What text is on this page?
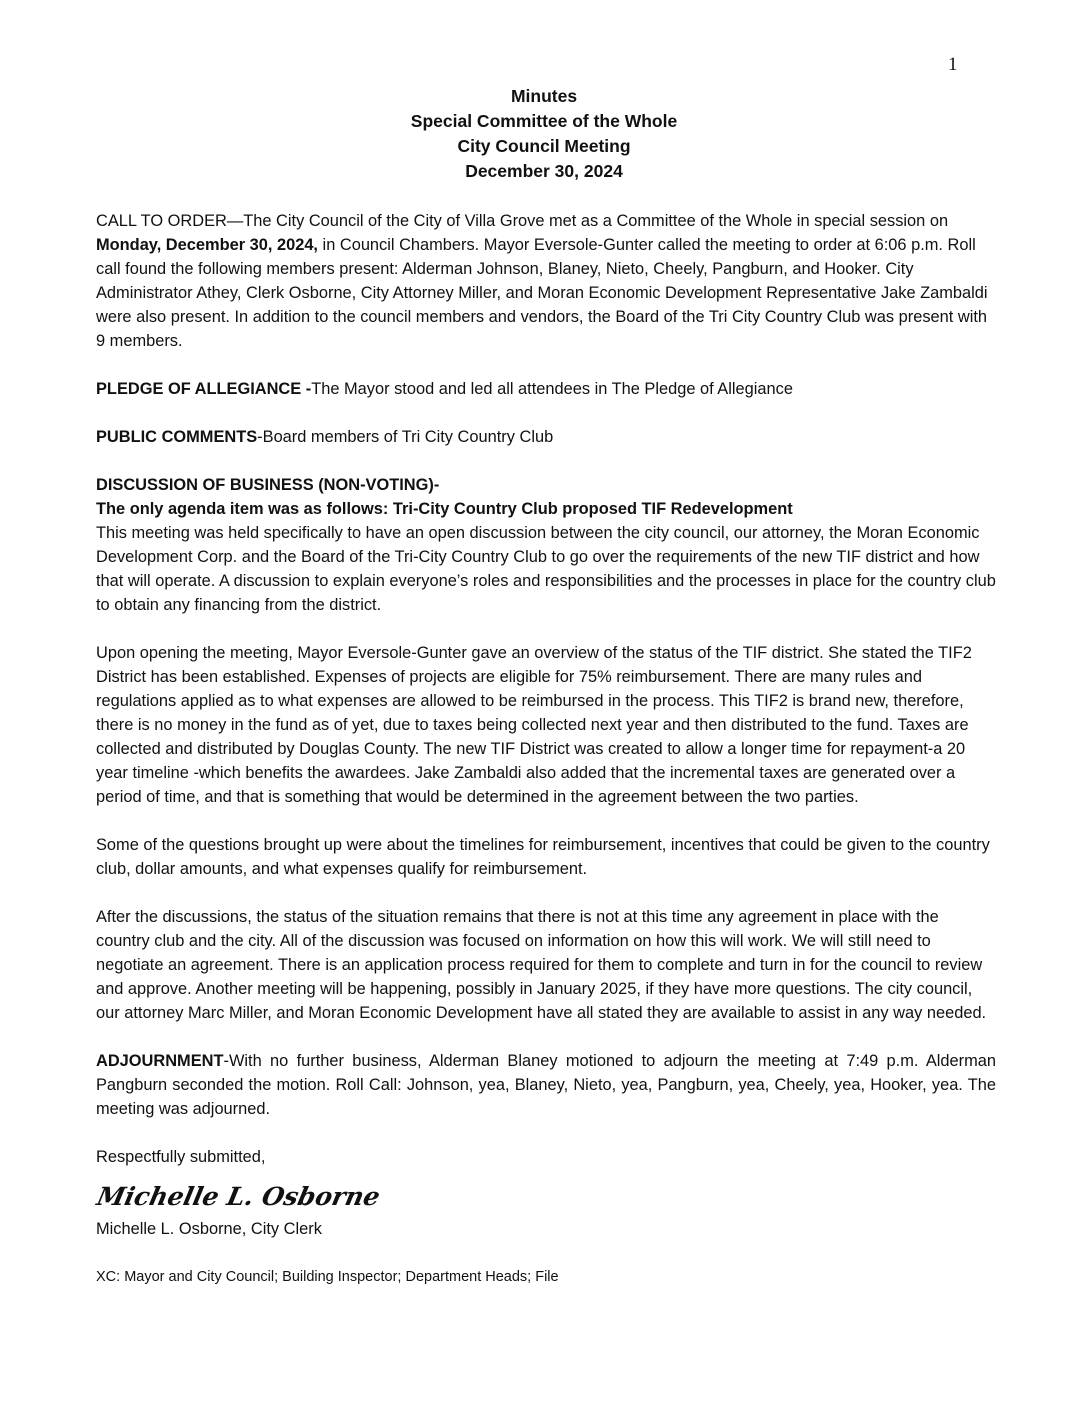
1
Minutes
Special Committee of the Whole
City Council Meeting
December 30, 2024

CALL TO ORDER—The City Council of the City of Villa Grove met as a Committee of the Whole in special session on Monday, December 30, 2024, in Council Chambers. Mayor Eversole-Gunter called the meeting to order at 6:06 p.m. Roll call found the following members present: Alderman Johnson, Blaney, Nieto, Cheely, Pangburn, and Hooker. City Administrator Athey, Clerk Osborne, City Attorney Miller, and Moran Economic Development Representative Jake Zambaldi were also present. In addition to the council members and vendors, the Board of the Tri City Country Club was present with 9 members.

PLEDGE OF ALLEGIANCE -The Mayor stood and led all attendees in The Pledge of Allegiance

PUBLIC COMMENTS-Board members of Tri City Country Club

DISCUSSION OF BUSINESS (NON-VOTING)-

The only agenda item was as follows: Tri-City Country Club proposed TIF Redevelopment

This meeting was held specifically to have an open discussion between the city council, our attorney, the Moran Economic Development Corp. and the Board of the Tri-City Country Club to go over the requirements of the new TIF district and how that will operate. A discussion to explain everyone’s roles and responsibilities and the processes in place for the country club to obtain any financing from the district.

Upon opening the meeting, Mayor Eversole-Gunter gave an overview of the status of the TIF district. She stated the TIF2 District has been established. Expenses of projects are eligible for 75% reimbursement. There are many rules and regulations applied as to what expenses are allowed to be reimbursed in the process. This TIF2 is brand new, therefore, there is no money in the fund as of yet, due to taxes being collected next year and then distributed to the fund. Taxes are collected and distributed by Douglas County. The new TIF District was created to allow a longer time for repayment-a 20 year timeline -which benefits the awardees. Jake Zambaldi also added that the incremental taxes are generated over a period of time, and that is something that would be determined in the agreement between the two parties.

Some of the questions brought up were about the timelines for reimbursement, incentives that could be given to the country club, dollar amounts, and what expenses qualify for reimbursement.

After the discussions, the status of the situation remains that there is not at this time any agreement in place with the country club and the city. All of the discussion was focused on information on how this will work. We will still need to negotiate an agreement. There is an application process required for them to complete and turn in for the council to review and approve. Another meeting will be happening, possibly in January 2025, if they have more questions. The city council, our attorney Marc Miller, and Moran Economic Development have all stated they are available to assist in any way needed.

ADJOURNMENT-With no further business, Alderman Blaney motioned to adjourn the meeting at 7:49 p.m. Alderman Pangburn seconded the motion. Roll Call: Johnson, yea, Blaney, Nieto, yea, Pangburn, yea, Cheely, yea, Hooker, yea. The meeting was adjourned.

Respectfully submitted,

Michelle L. Osborne

Michelle L. Osborne, City Clerk

XC: Mayor and City Council; Building Inspector; Department Heads; File
